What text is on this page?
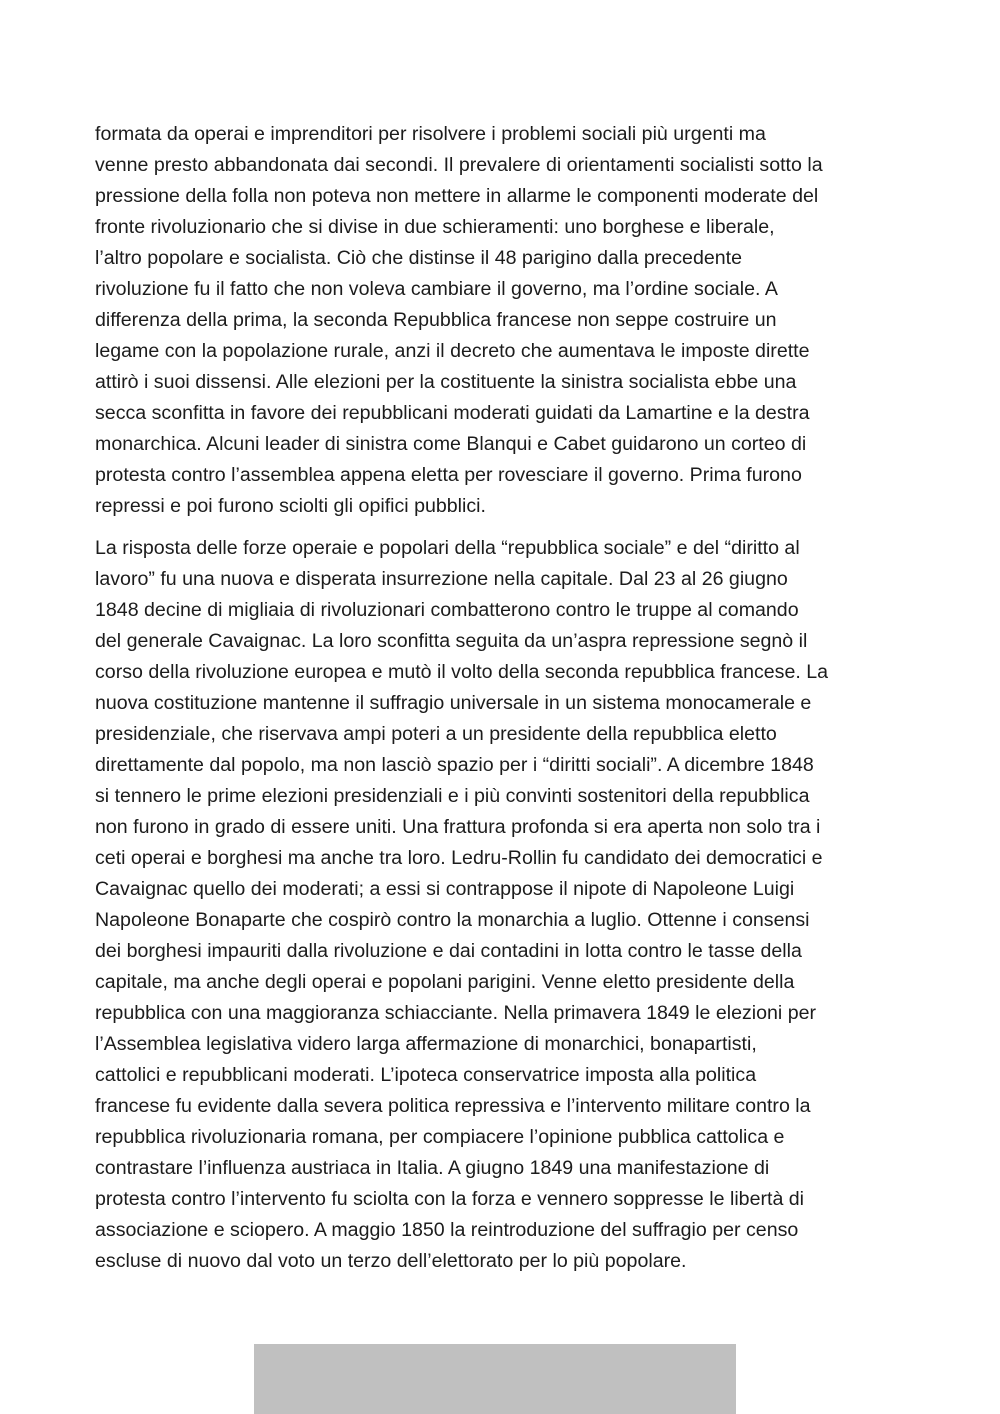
formata da operai e imprenditori per risolvere i problemi sociali più urgenti ma
venne presto abbandonata dai secondi. Il prevalere di orientamenti socialisti sotto la
pressione della folla non poteva non mettere in allarme le componenti moderate del
fronte rivoluzionario che si divise in due schieramenti: uno borghese e liberale,
l’altro popolare e socialista. Ciò che distinse il 48 parigino dalla precedente
rivoluzione fu il fatto che non voleva cambiare il governo, ma l’ordine sociale. A
differenza della prima, la seconda Repubblica francese non seppe costruire un
legame con la popolazione rurale, anzi il decreto che aumentava le imposte dirette
attirò i suoi dissensi. Alle elezioni per la costituente la sinistra socialista ebbe una
secca sconfitta in favore dei repubblicani moderati guidati da Lamartine e la destra
monarchica. Alcuni leader di sinistra come Blanqui e Cabet guidarono un corteo di
protesta contro l’assemblea appena eletta per rovesciare il governo. Prima furono
repressi e poi furono sciolti gli opifici pubblici.

La risposta delle forze operaie e popolari della “repubblica sociale” e del “diritto al
lavoro” fu una nuova e disperata insurrezione nella capitale. Dal 23 al 26 giugno
1848 decine di migliaia di rivoluzionari combatterono contro le truppe al comando
del generale Cavaignac. La loro sconfitta seguita da un’aspra repressione segnò il
corso della rivoluzione europea e mutò il volto della seconda repubblica francese. La
nuova costituzione mantenne il suffragio universale in un sistema monocamerale e
presidenziale, che riservava ampi poteri a un presidente della repubblica eletto
direttamente dal popolo, ma non lasciò spazio per i “diritti sociali”. A dicembre 1848
si tennero le prime elezioni presidenziali e i più convinti sostenitori della repubblica
non furono in grado di essere uniti. Una frattura profonda si era aperta non solo tra i
ceti operai e borghesi ma anche tra loro. Ledru-Rollin fu candidato dei democratici e
Cavaignac quello dei moderati; a essi si contrappose il nipote di Napoleone Luigi
Napoleone Bonaparte che cospirò contro la monarchia a luglio. Ottenne i consensi
dei borghesi impauriti dalla rivoluzione e dai contadini in lotta contro le tasse della
capitale, ma anche degli operai e popolani parigini. Venne eletto presidente della
repubblica con una maggioranza schiacciante. Nella primavera 1849 le elezioni per
l’Assemblea legislativa videro larga affermazione di monarchici, bonapartisti,
cattolici e repubblicani moderati. L’ipoteca conservatrice imposta alla politica
francese fu evidente dalla severa politica repressiva e l’intervento militare contro la
repubblica rivoluzionaria romana, per compiacere l’opinione pubblica cattolica e
contrastare l’influenza austriaca in Italia. A giugno 1849 una manifestazione di
protesta contro l’intervento fu sciolta con la forza e vennero soppresse le libertà di
associazione e sciopero. A maggio 1850 la reintroduzione del suffragio per censo
escluse di nuovo dal voto un terzo dell’elettorato per lo più popolare.
